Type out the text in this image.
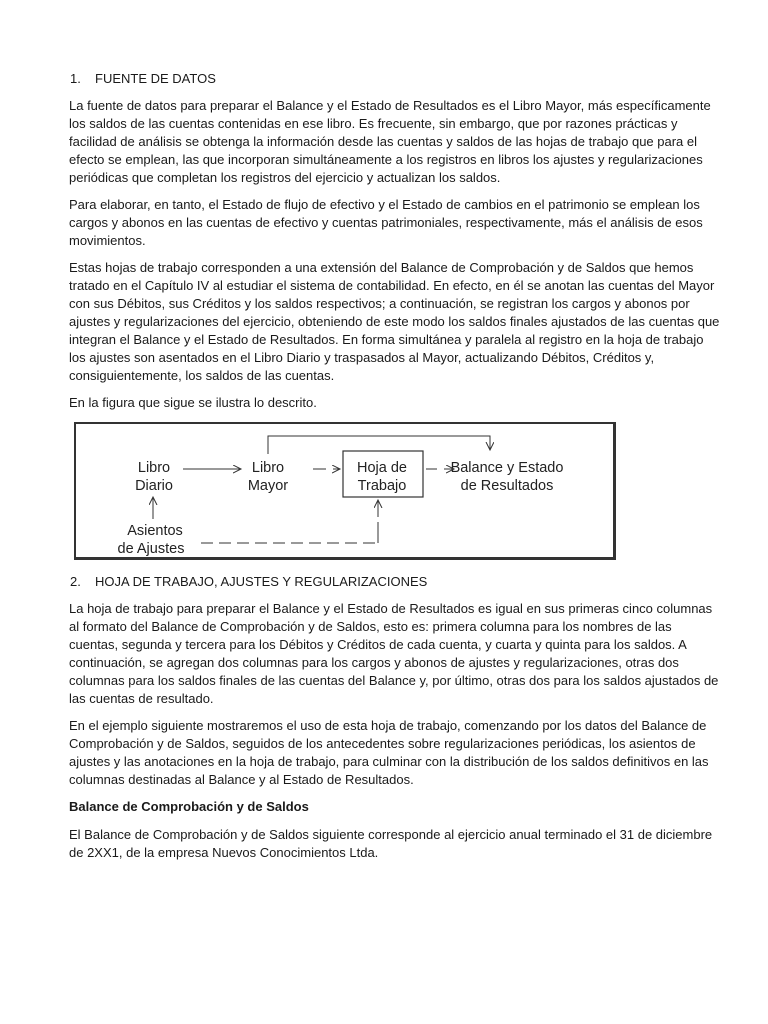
1.	FUENTE DE DATOS

La fuente de datos para preparar el Balance y el Estado de Resultados es el Libro Mayor, más específicamente los saldos de las cuentas contenidas en ese libro. Es frecuente, sin embargo, que por razones prácticas y facilidad de análisis se obtenga la información desde las cuentas y saldos de las hojas de trabajo que para el efecto se emplean, las que incorporan simultáneamente a los registros en libros los ajustes y regularizaciones periódicas que completan los registros del ejercicio y actualizan los saldos.

Para elaborar, en tanto, el Estado de flujo de efectivo y el Estado de cambios en el patrimonio se emplean los cargos y abonos en las cuentas de efectivo y cuentas patrimoniales, respectivamente, más el análisis de esos movimientos.

Estas hojas de trabajo corresponden a una extensión del Balance de Comprobación y de Saldos que hemos tratado en el Capítulo IV al estudiar el sistema de contabilidad. En efecto, en él se anotan las cuentas del Mayor con sus Débitos, sus Créditos y los saldos respectivos; a continuación, se registran los cargos y abonos por ajustes y regularizaciones del ejercicio, obteniendo de este modo los saldos finales ajustados de las cuentas que integran el Balance y el Estado de Resultados. En forma simultánea y paralela al registro en la hoja de trabajo los ajustes son asentados en el Libro Diario y traspasados al Mayor, actualizando Débitos, Créditos y, consiguientemente, los saldos de las cuentas.

En la figura que sigue se ilustra lo descrito.

Libro
Diario
Libro
Mayor
Hoja de
Trabajo
Balance y Estado
de Resultados
Asientos
de Ajustes
2.	HOJA DE TRABAJO, AJUSTES Y REGULARIZACIONES

La hoja de trabajo para preparar el Balance y el Estado de Resultados es igual en sus primeras cinco columnas al formato del Balance de Comprobación y de Saldos, esto es: primera columna para los nombres de las cuentas, segunda y tercera para los Débitos y Créditos de cada cuenta, y cuarta y quinta para los saldos. A continuación, se agregan dos columnas para los cargos y abonos de ajustes y regularizaciones, otras dos columnas para los saldos finales de las cuentas del Balance y, por último, otras dos para los saldos ajustados de las cuentas de resultado.

En el ejemplo siguiente mostraremos el uso de esta hoja de trabajo, comenzando por los datos del Balance de Comprobación y de Saldos, seguidos de los antecedentes sobre regularizaciones periódicas, los asientos de ajustes y las anotaciones en la hoja de trabajo, para culminar con la distribución de los saldos definitivos en las columnas destinadas al Balance y al Estado de Resultados.

Balance de Comprobación y de Saldos

El Balance de Comprobación y de Saldos siguiente corresponde al ejercicio anual terminado el 31 de diciembre de 2XX1, de la empresa Nuevos Conocimientos Ltda.
